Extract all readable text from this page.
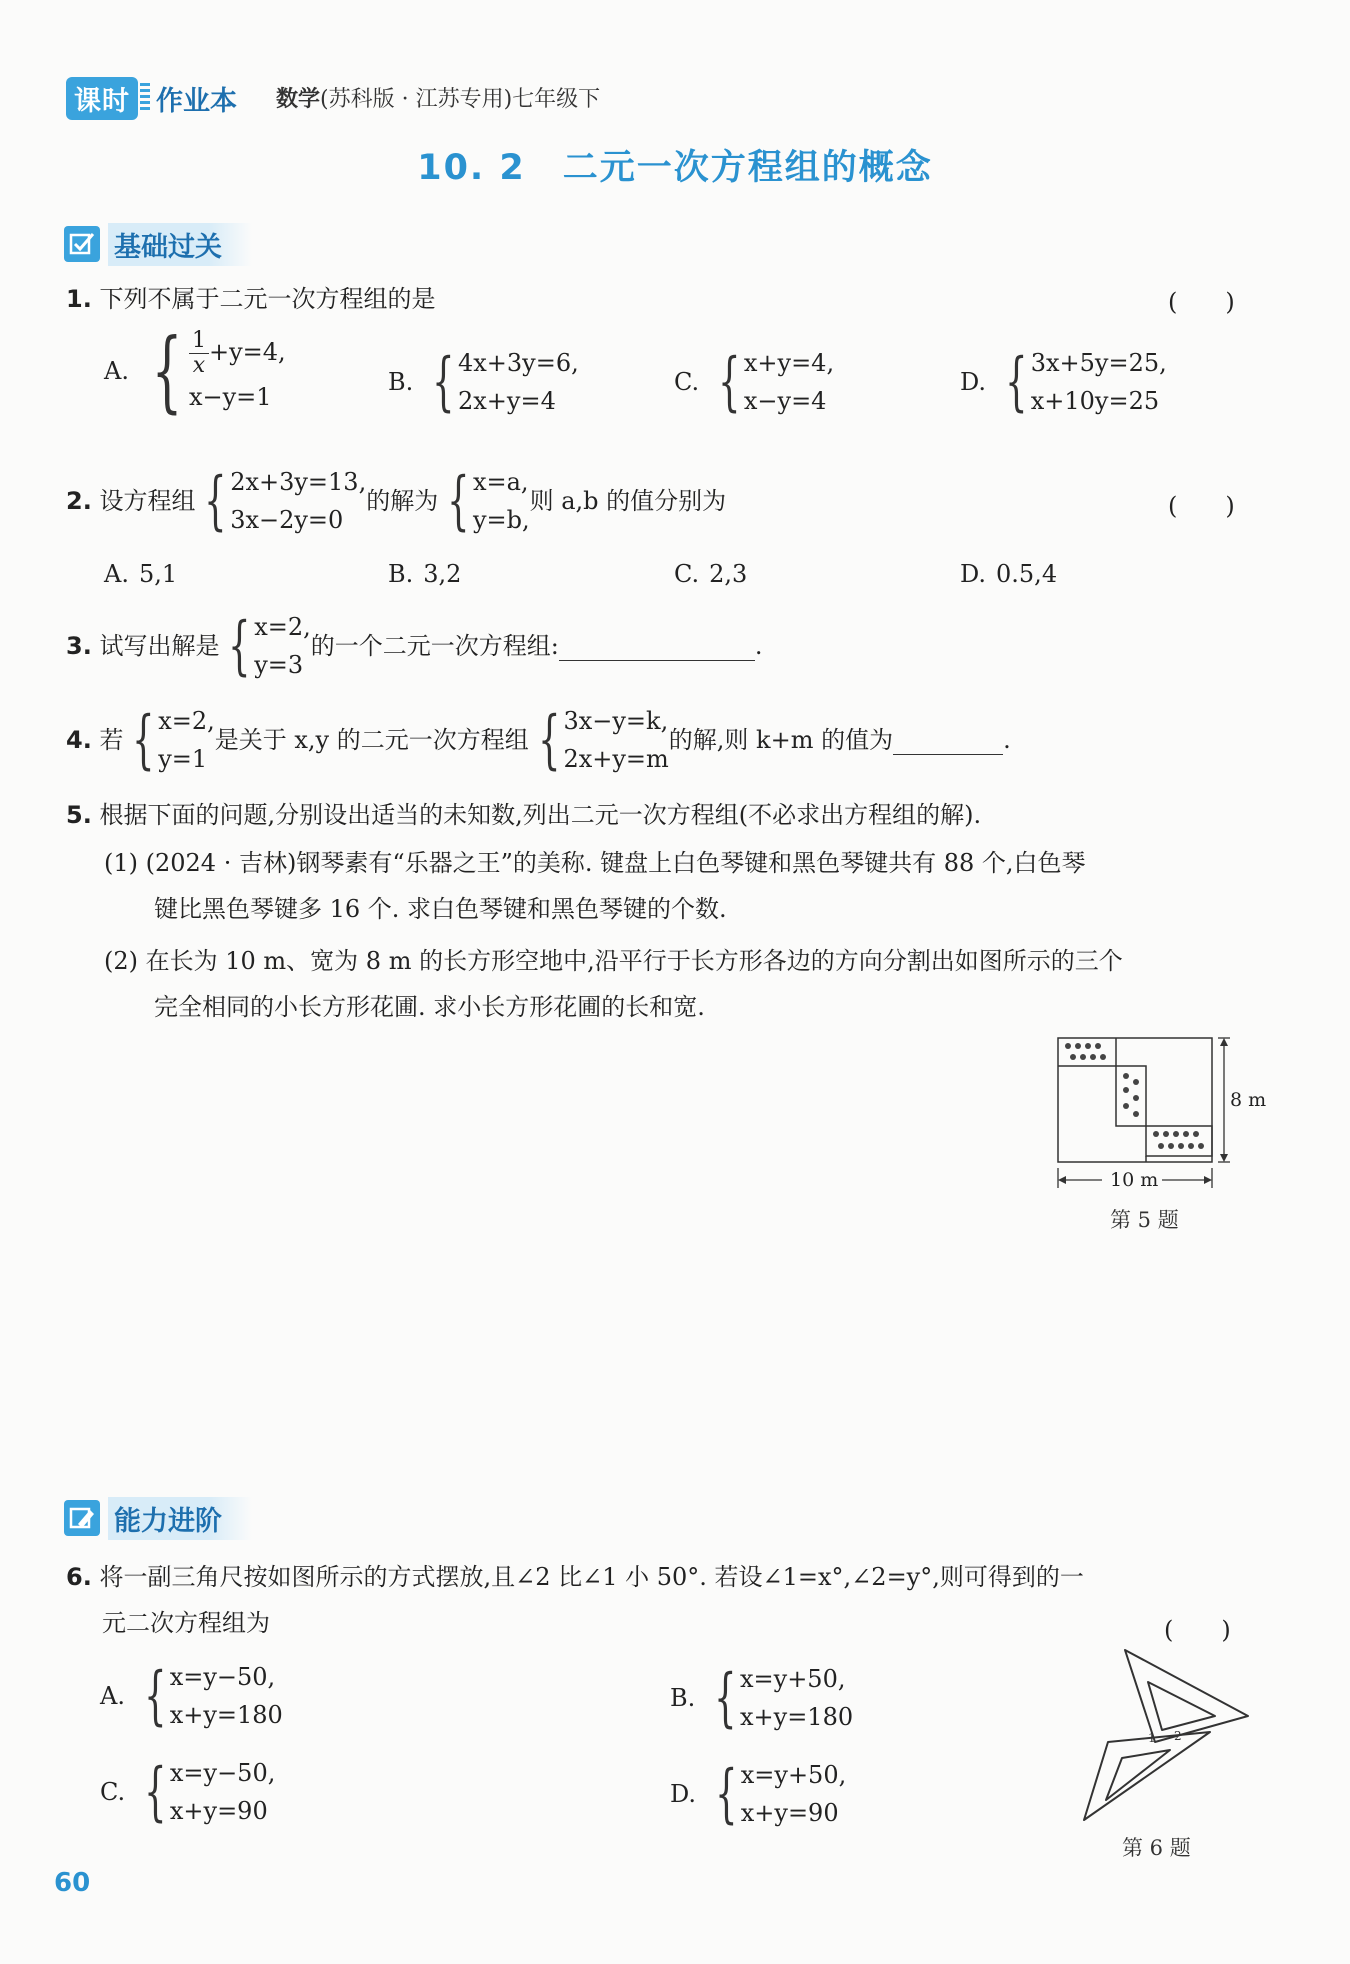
课时 作业本 数学(苏科版 · 江苏专用)七年级下
10. 2　二元一次方程组的概念
基础过关
1. 下列不属于二元一次方程组的是	(　　)
A. { $\frac{1}{x} +y=4$,
x−y=1
B. { 4x+3y=6,
2x+y=4
C. { x+y=4,
x−y=4
D. { 3x+5y=25,
x+10y=25
2.
设方程组 { 2x+3y=13,
3x−2y=0
的解为 { x=a,
y=b,
则 a,b 的值分别为	(　　)
A. 5,1	B. 3,2	C. 2,3	D. 0.5,4
3.
试写出解是 { x=2,
y=3
的一个二元一次方程组:	.
4.
若 { x=2,
y=1
是关于 x,y 的二元一次方程组 { 3x−y=k,
2x+y=m
的解,则 k+m 的值为	.
5. 根据下面的问题,分别设出适当的未知数,列出二元一次方程组(不必求出方程组的解).
(1) (2024 · 吉林)钢琴素有“乐器之王”的美称. 键盘上白色琴键和黑色琴键共有 88 个,白色琴
键比黑色琴键多 16 个. 求白色琴键和黑色琴键的个数.
(2) 在长为 10 m、宽为 8 m 的长方形空地中,沿平行于长方形各边的方向分割出如图所示的三个
完全相同的小长方形花圃. 求小长方形花圃的长和宽.
8 m
10 m
第 5 题
能力进阶
6. 将一副三角尺按如图所示的方式摆放,且∠2 比∠1 小 50°. 若设∠1=x°,∠2=y°,则可得到的一
元二次方程组为	(　　)
A. { x=y−50,
x+y=180
B. { x=y+50,
x+y=180
C. { x=y−50,
x+y=90
D. { x=y+50,
x+y=90
1 2
第 6 题
60
